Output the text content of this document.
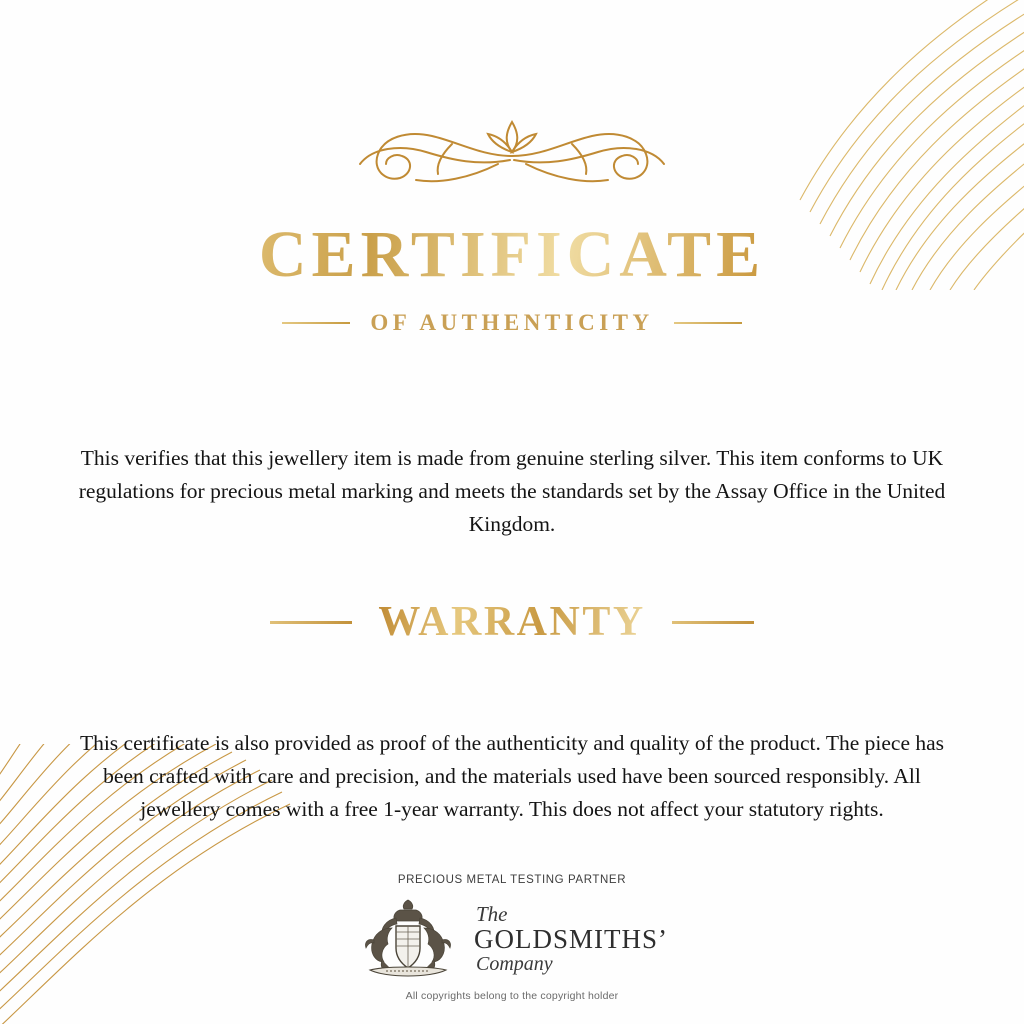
CERTIFICATE
OF AUTHENTICITY

This verifies that this jewellery item is made from genuine sterling silver. This item conforms to UK regulations for precious metal marking and meets the standards set by the Assay Office in the United Kingdom.

WARRANTY

This certificate is also provided as proof of the authenticity and quality of the product. The piece has been crafted with care and precision, and the materials used have been sourced responsibly. All jewellery comes with a free 1-year warranty. This does not affect your statutory rights.

PRECIOUS METAL TESTING PARTNER
The
GOLDSMITHS’
Company
All copyrights belong to the copyright holder
